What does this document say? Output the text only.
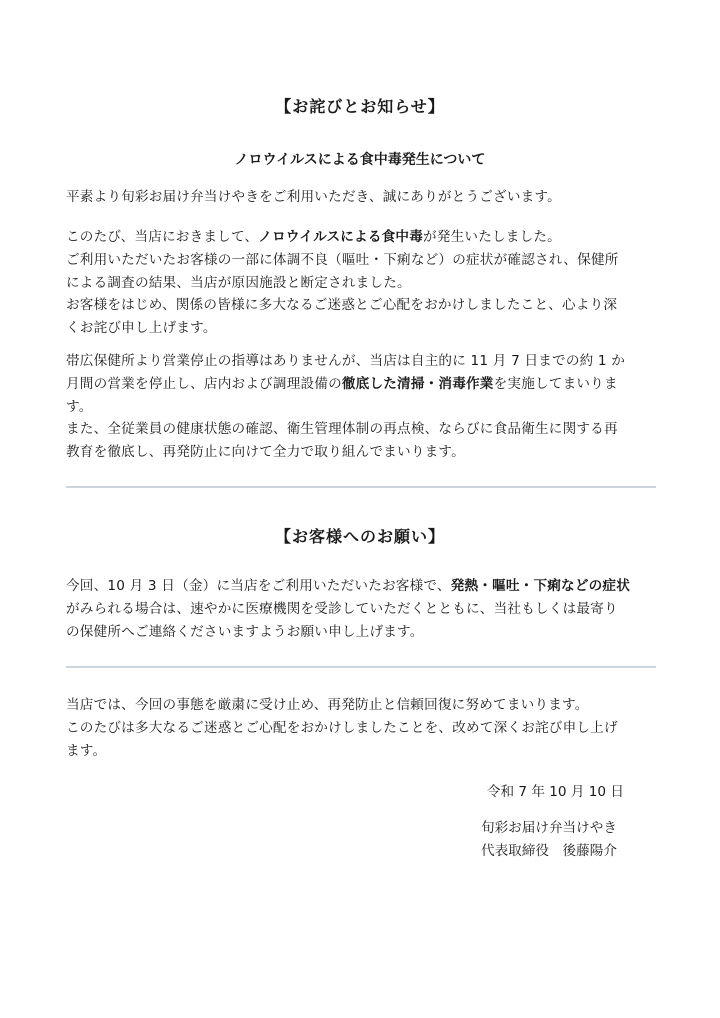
【お詫びとお知らせ】
ノロウイルスによる食中毒発生について
平素より旬彩お届け弁当けやきをご利用いただき、誠にありがとうございます。
このたび、当店におきまして、ノロウイルスによる食中毒が発生いたしました。
ご利用いただいたお客様の一部に体調不良（嘔吐・下痢など）の症状が確認され、保健所
による調査の結果、当店が原因施設と断定されました。
お客様をはじめ、関係の皆様に多大なるご迷惑とご心配をおかけしましたこと、心より深
くお詫び申し上げます。
帯広保健所より営業停止の指導はありませんが、当店は自主的に 11 月 7 日までの約 1 か
月間の営業を停止し、店内および調理設備の徹底した清掃・消毒作業を実施してまいりま
す。
また、全従業員の健康状態の確認、衛生管理体制の再点検、ならびに食品衛生に関する再
教育を徹底し、再発防止に向けて全力で取り組んでまいります。
【お客様へのお願い】
今回、10 月 3 日（金）に当店をご利用いただいたお客様で、発熱・嘔吐・下痢などの症状
がみられる場合は、速やかに医療機関を受診していただくとともに、当社もしくは最寄り
の保健所へご連絡くださいますようお願い申し上げます。
当店では、今回の事態を厳粛に受け止め、再発防止と信頼回復に努めてまいります。
このたびは多大なるご迷惑とご心配をおかけしましたことを、改めて深くお詫び申し上げ
ます。
令和 7 年 10 月 10 日
旬彩お届け弁当けやき
代表取締役　後藤陽介
